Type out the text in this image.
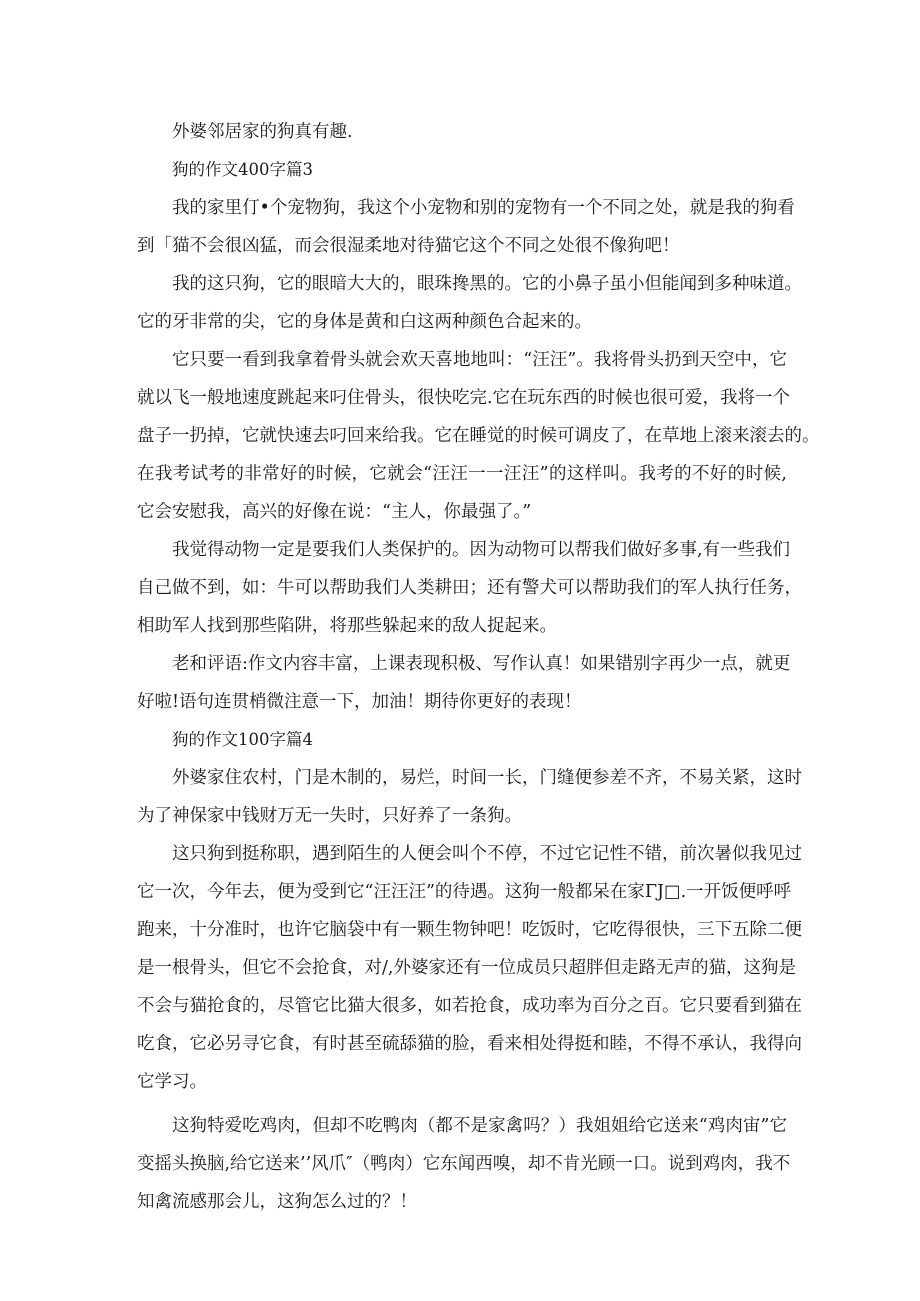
外婆邻居家的狗真有趣.
狗的作文400字篇3
我的家里仃•个宠物狗，我这个小宠物和别的宠物有一个不同之处，就是我的狗看
到「猫不会很凶猛，而会很湿柔地对待猫它这个不同之处很不像狗吧！
我的这只狗，它的眼暗大大的，眼珠搀黑的。它的小鼻子虽小但能闻到多种味道。
它的牙非常的尖，它的身体是黄和白这两种颜色合起来的。
它只要一看到我拿着骨头就会欢天喜地地叫：“汪汪”。我将骨头扔到天空中，它
就以飞一般地速度跳起来叼住骨头，很快吃完.它在玩东西的时候也很可爱，我将一个
盘子一扔掉，它就快速去叼回来给我。它在睡觉的时候可调皮了，在草地上滚来滚去的。
在我考试考的非常好的时候，它就会“汪汪一一汪汪”的这样叫。我考的不好的时候,
它会安慰我，高兴的好像在说：“主人，你最强了。”
我觉得动物一定是要我们人类保护的。因为动物可以帮我们做好多事,有一些我们
自己做不到，如：牛可以帮助我们人类耕田；还有警犬可以帮助我们的军人执行任务，
相助军人找到那些陷阱，将那些躲起来的敌人捉起来。
老和评语:作文内容丰富，上课表现积极、写作认真！如果错别字再少一点，就更
好啦!语句连贯梢微注意一下，加油！期待你更好的表现！
狗的作文100字篇4
外婆家住农村，门是木制的，易烂，时间一长，门缝便参差不齐，不易关紧，这时
为了神保家中钱财万无一失时，只好养了一条狗。
这只狗到挺称职，遇到陌生的人便会叫个不停，不过它记性不错，前次暑似我见过
它一次，今年去，便为受到它“汪汪汪”的待遇。这狗一般都呆在家ΓJ□.一开饭便呼呼
跑来，十分准时，也许它脑袋中有一颗生物钟吧！吃饭时，它吃得很快，三下五除二便
是一根骨头，但它不会抢食，对/,外婆家还有一位成员只超胖但走路无声的猫，这狗是
不会与猫抢食的，尽管它比猫大很多，如若抢食，成功率为百分之百。它只要看到猫在
吃食，它必另寻它食，有时甚至硫舔猫的脸，看来相处得挺和睦，不得不承认，我得向
它学习。
这狗特爱吃鸡肉，但却不吃鸭肉（都不是家禽吗？）我姐姐给它送来“鸡肉宙”它
变摇头换脑,给它送来’’风爪″（鸭肉）它东闻西嗅，却不肯光顾一口。说到鸡肉，我不
知禽流感那会儿，这狗怎么过的？！
